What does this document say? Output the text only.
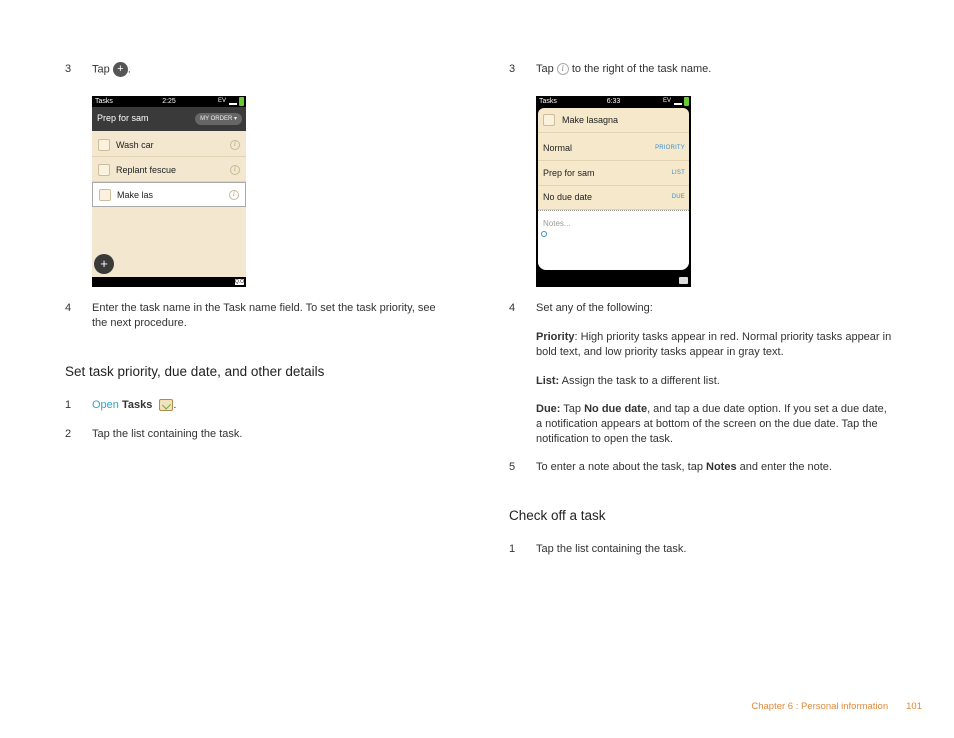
3	Tap + .
Tasks	2:25	EV
Prep for sam	MY ORDER ▾
Wash car	i
Replant fescue	i
Make las	i
+
Q.O
4	Enter the task name in the Task name field. To set the task priority, see the next procedure.
Set task priority, due date, and other details
1	Open Tasks .
2	Tap the list containing the task.
3	Tap i to the right of the task name.
Tasks	6:33	EV
Make lasagna
Normal	PRIORITY
Prep for sam	LIST
No due date	DUE
Notes...
4	Set any of the following:
Priority: High priority tasks appear in red. Normal priority tasks appear in bold text, and low priority tasks appear in gray text.
List: Assign the task to a different list.
Due: Tap No due date, and tap a due date option. If you set a due date, a notification appears at bottom of the screen on the due date. Tap the notification to open the task.
5	To enter a note about the task, tap Notes and enter the note.
Check off a task
1	Tap the list containing the task.
Chapter 6 : Personal information 101
